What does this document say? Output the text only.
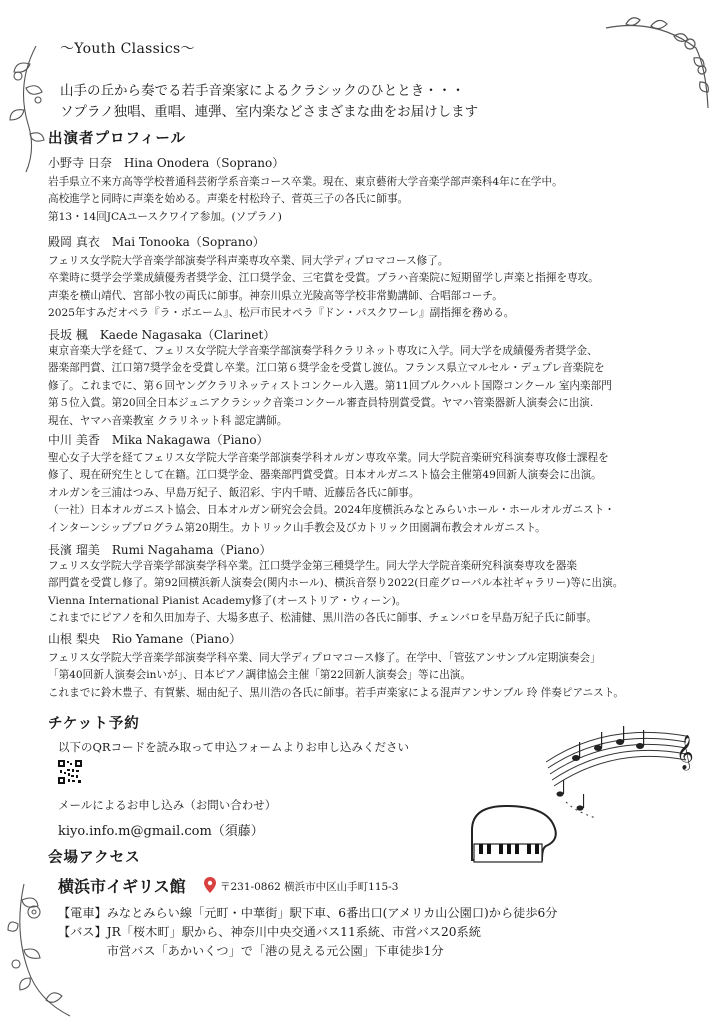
〜Youth Classics〜
山手の丘から奏でる若手音楽家によるクラシックのひととき・・・
ソプラノ独唱、重唱、連弾、室内楽などさまざまな曲をお届けします
出演者プロフィール
小野寺 日奈　Hina Onodera（Soprano）
岩手県立不来方高等学校普通科芸術学系音楽コース卒業。現在、東京藝術大学音楽学部声楽科4年に在学中。
高校進学と同時に声楽を始める。声楽を村松玲子、菅英三子の各氏に師事。
第13・14回JCAユースクワイア参加。(ソプラノ)
殿岡 真衣　Mai Tonooka（Soprano）
フェリス女学院大学音楽学部演奏学科声楽専攻卒業、同大学ディプロマコース修了。
卒業時に奨学会学業成績優秀者奨学金、江口奨学金、三宅賞を受賞。プラハ音楽院に短期留学し声楽と指揮を専攻。
声楽を横山靖代、宮部小牧の両氏に師事。神奈川県立光陵高等学校非常勤講師、合唱部コーチ。
2025年すみだオペラ『ラ・ボエーム』、松戸市民オペラ『ドン・パスクワーレ』副指揮を務める。
長坂 楓　Kaede Nagasaka（Clarinet）
東京音楽大学を経て、フェリス女学院大学音楽学部演奏学科クラリネット専攻に入学。同大学を成績優秀者奨学金、
器楽部門賞、江口第7奨学金を受賞し卒業。江口第６奨学金を受賞し渡仏。フランス県立マルセル・デュプレ音楽院を
修了。これまでに、第６回ヤングクラリネッティストコンクール入選。第11回ブルクハルト国際コンクール 室内楽部門
第５位入賞。第20回全日本ジュニアクラシック音楽コンクール審査員特別賞受賞。ヤマハ管楽器新人演奏会に出演.
現在、ヤマハ音楽教室 クラリネット科 認定講師。
中川 美香　Mika Nakagawa（Piano）
聖心女子大学を経てフェリス女学院大学音楽学部演奏学科オルガン専攻卒業。同大学院音楽研究科演奏専攻修士課程を
修了、現在研究生として在籍。江口奨学金、器楽部門賞受賞。日本オルガニスト協会主催第49回新人演奏会に出演。
オルガンを三浦はつみ、早島万紀子、飯沼彩、宇内千晴、近藤岳各氏に師事。
（一社）日本オルガニスト協会、日本オルガン研究会会員。2024年度横浜みなとみらいホール・ホールオルガニスト・
インターンシッププログラム第20期生。カトリック山手教会及びカトリック田園調布教会オルガニスト。
長濱 瑠美　Rumi Nagahama（Piano）
フェリス女学院大学音楽学部演奏学科卒業。江口奨学金第三種奨学生。同大学大学院音楽研究科演奏専攻を器楽
部門賞を受賞し修了。第92回横浜新人演奏会(関内ホール)、横浜音祭り2022(日産グローバル本社ギャラリー)等に出演。
Vienna International Pianist Academy修了(オーストリア・ウィーン)。
これまでにピアノを和久田加寿子、大場多恵子、松浦健、黒川浩の各氏に師事、チェンバロを早島万紀子氏に師事。
山根 梨央　Rio Yamane（Piano）
フェリス女学院大学音楽学部演奏学科卒業、同大学ディプロマコース修了。在学中、「管弦アンサンブル定期演奏会」
「第40回新人演奏会inいが」、日本ピアノ調律協会主催「第22回新人演奏会」等に出演。
これまでに鈴木豊子、有賀紫、堀由紀子、黒川浩の各氏に師事。若手声楽家による混声アンサンブル 玲 伴奏ピアニスト。
チケット予約
以下のQRコードを読み取って申込フォームよりお申し込みください
メールによるお申し込み（お問い合わせ）
kiyo.info.m@gmail.com（須藤）
𝄞
会場アクセス
横浜市イギリス館	〒231-0862 横浜市中区山手町115-3
【電車】みなとみらい線「元町・中華街」駅下車、6番出口(アメリカ山公園口)から徒歩6分
【バス】JR「桜木町」駅から、神奈川中央交通バス11系統、市営バス20系統
　　　　市営バス「あかいくつ」で「港の見える元公園」下車徒歩1分
